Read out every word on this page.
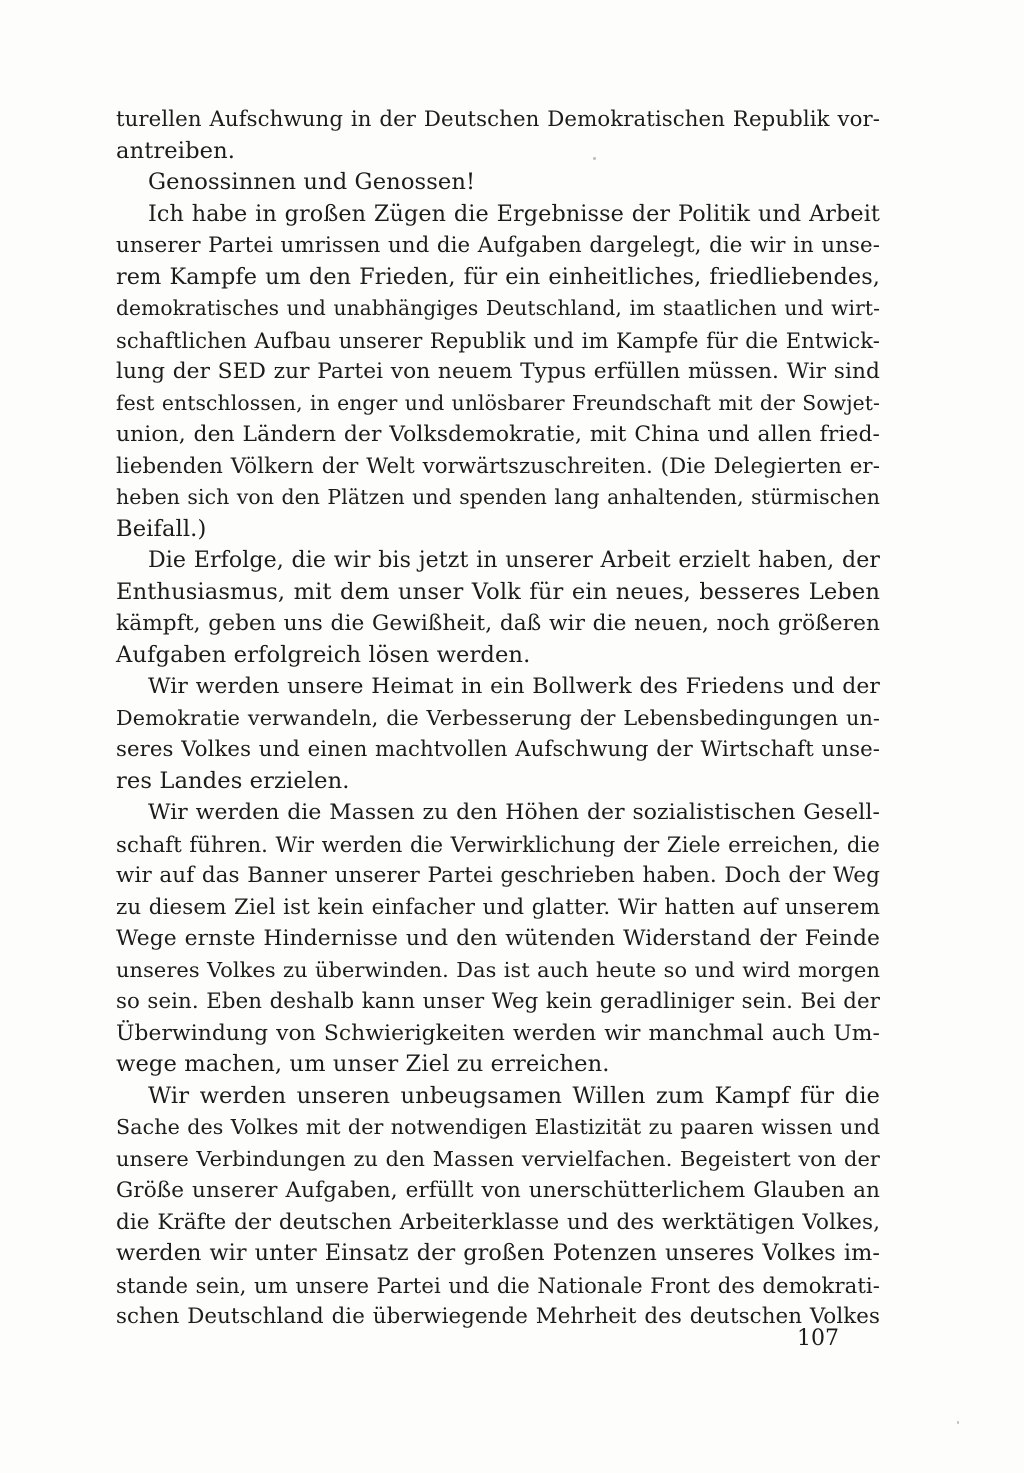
turellen Aufschwung in der Deutschen Demokratischen Republik vor-
antreiben.
Genossinnen und Genossen!
Ich habe in großen Zügen die Ergebnisse der Politik und Arbeit
unserer Partei umrissen und die Aufgaben dargelegt, die wir in unse-
rem Kampfe um den Frieden, für ein einheitliches, friedliebendes,
demokratisches und unabhängiges Deutschland, im staatlichen und wirt-
schaftlichen Aufbau unserer Republik und im Kampfe für die Entwick-
lung der SED zur Partei von neuem Typus erfüllen müssen. Wir sind
fest entschlossen, in enger und unlösbarer Freundschaft mit der Sowjet-
union, den Ländern der Volksdemokratie, mit China und allen fried-
liebenden Völkern der Welt vorwärtszuschreiten. (Die Delegierten er-
heben sich von den Plätzen und spenden lang anhaltenden, stürmischen
Beifall.)
Die Erfolge, die wir bis jetzt in unserer Arbeit erzielt haben, der
Enthusiasmus, mit dem unser Volk für ein neues, besseres Leben
kämpft, geben uns die Gewißheit, daß wir die neuen, noch größeren
Aufgaben erfolgreich lösen werden.
Wir werden unsere Heimat in ein Bollwerk des Friedens und der
Demokratie verwandeln, die Verbesserung der Lebensbedingungen un-
seres Volkes und einen machtvollen Aufschwung der Wirtschaft unse-
res Landes erzielen.
Wir werden die Massen zu den Höhen der sozialistischen Gesell-
schaft führen. Wir werden die Verwirklichung der Ziele erreichen, die
wir auf das Banner unserer Partei geschrieben haben. Doch der Weg
zu diesem Ziel ist kein einfacher und glatter. Wir hatten auf unserem
Wege ernste Hindernisse und den wütenden Widerstand der Feinde
unseres Volkes zu überwinden. Das ist auch heute so und wird morgen
so sein. Eben deshalb kann unser Weg kein geradliniger sein. Bei der
Überwindung von Schwierigkeiten werden wir manchmal auch Um-
wege machen, um unser Ziel zu erreichen.
Wir werden unseren unbeugsamen Willen zum Kampf für die
Sache des Volkes mit der notwendigen Elastizität zu paaren wissen und
unsere Verbindungen zu den Massen vervielfachen. Begeistert von der
Größe unserer Aufgaben, erfüllt von unerschütterlichem Glauben an
die Kräfte der deutschen Arbeiterklasse und des werktätigen Volkes,
werden wir unter Einsatz der großen Potenzen unseres Volkes im-
stande sein, um unsere Partei und die Nationale Front des demokrati-
schen Deutschland die überwiegende Mehrheit des deutschen Volkes
107
